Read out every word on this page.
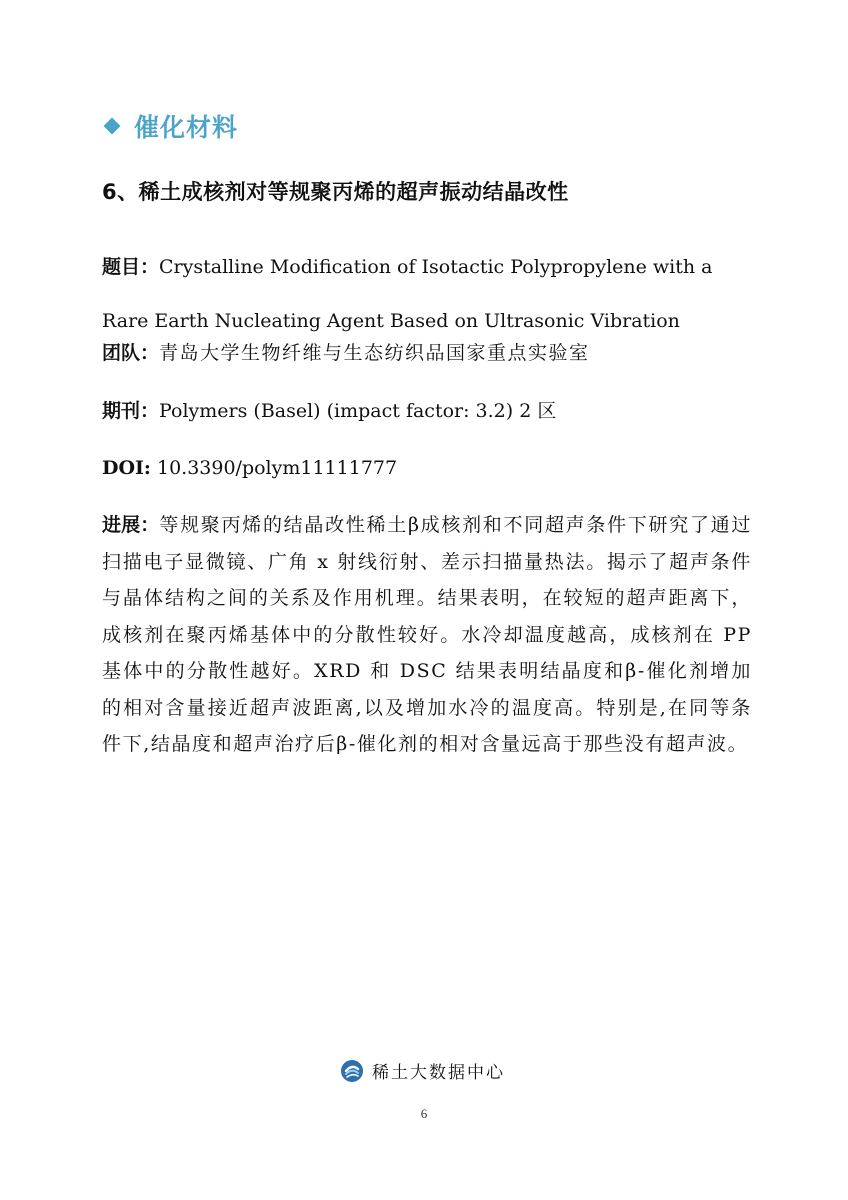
催化材料
6、稀土成核剂对等规聚丙烯的超声振动结晶改性
题目：Crystalline Modification of Isotactic Polypropylene with a Rare Earth Nucleating Agent Based on Ultrasonic Vibration
团队：青岛大学生物纤维与生态纺织品国家重点实验室
期刊：Polymers (Basel) (impact factor: 3.2) 2 区
DOI: 10.3390/polym11111777
进展：等规聚丙烯的结晶改性稀土β成核剂和不同超声条件下研究了通过扫描电子显微镜、广角 x 射线衍射、差示扫描量热法。揭示了超声条件与晶体结构之间的关系及作用机理。结果表明，在较短的超声距离下，成核剂在聚丙烯基体中的分散性较好。水冷却温度越高，成核剂在 PP 基体中的分散性越好。XRD 和 DSC 结果表明结晶度和β-催化剂增加的相对含量接近超声波距离,以及增加水冷的温度高。特别是,在同等条件下,结晶度和超声治疗后β-催化剂的相对含量远高于那些没有超声波。
稀土大数据中心
6
